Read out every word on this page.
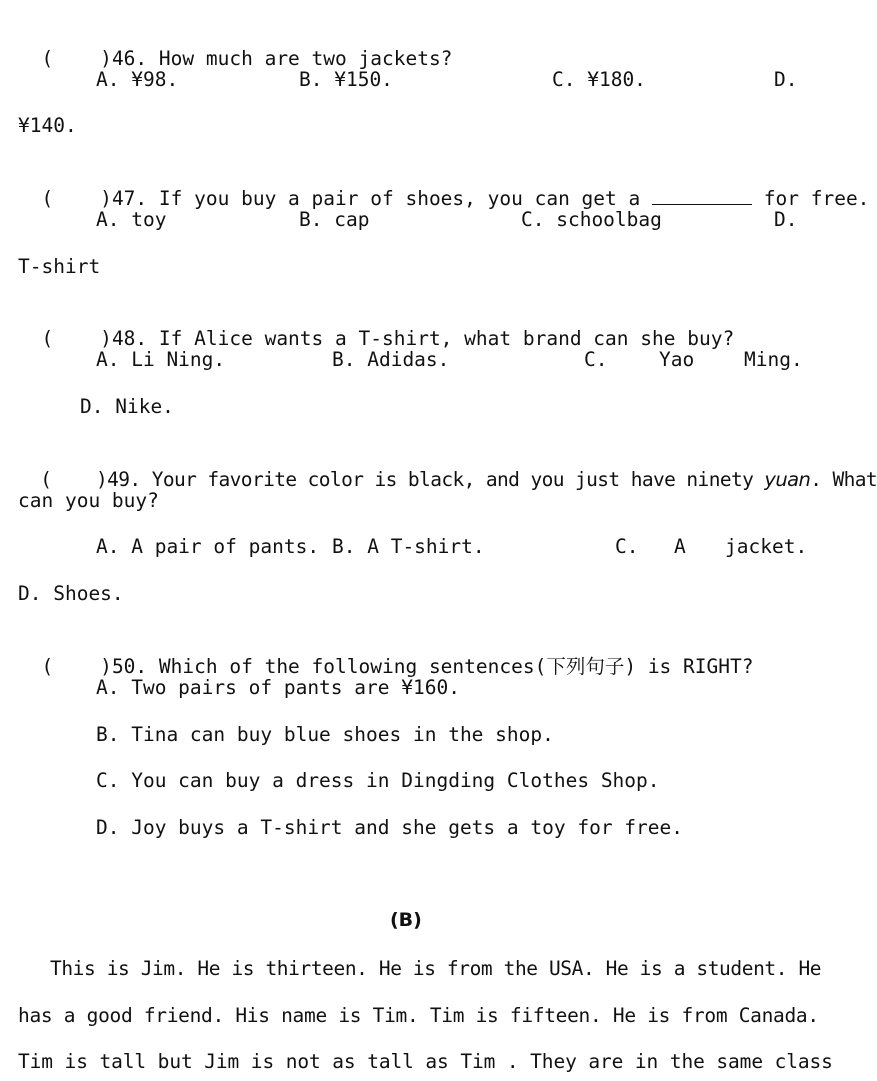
(    )46. How much are two jackets?

A. ¥98.	B. ¥150.	C. ¥180.	D.
¥140.

(    )47. If you buy a pair of shoes, you can get a	for free.

A. toy	B. cap	C. schoolbag	D.
T-shirt

(    )48. If Alice wants a T-shirt, what brand can she buy?

A. Li Ning.	B. Adidas.	C.	Yao	Ming.
D. Nike.

(    )49. Your favorite color is black, and you just have ninety yuan. What

can you buy?
A. A pair of pants. B. A T-shirt.	C. A jacket.
D. Shoes.

(    )50. Which of the following sentences(下列句子) is RIGHT?

A. Two pairs of pants are ¥160.
B. Tina can buy blue shoes in the shop.
C. You can buy a dress in Dingding Clothes Shop.
D. Joy buys a T-shirt and she gets a toy for free.
(B)
This is Jim. He is thirteen. He is from the USA. He is a student. He
has a good friend. His name is Tim. Tim is fifteen. He is from Canada.
Tim is tall but Jim is not as tall as Tim . They are in the same class
